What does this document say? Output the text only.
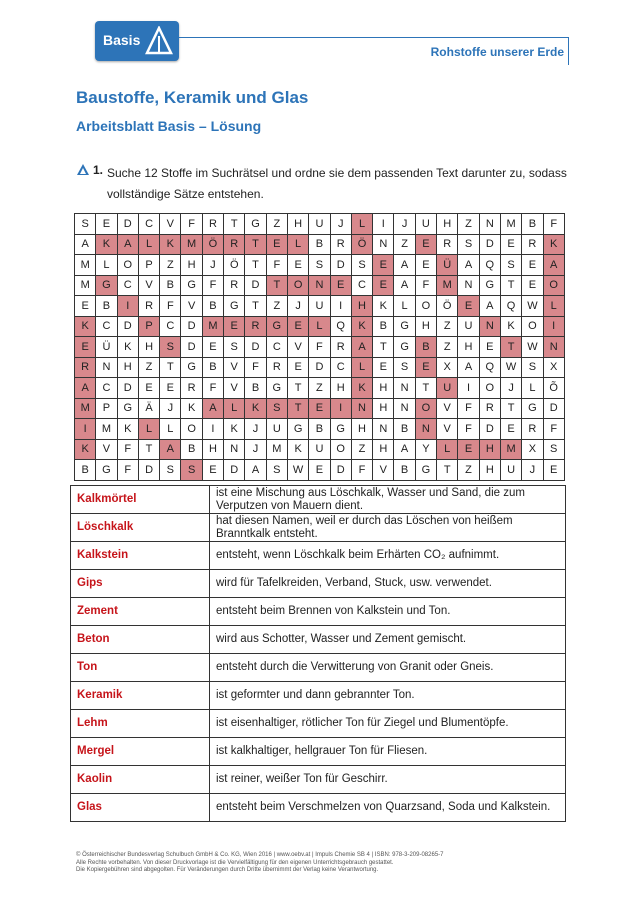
Basis
Rohstoffe unserer Erde
Baustoffe, Keramik und Glas
Arbeitsblatt Basis – Lösung
1. Suche 12 Stoffe im Suchrätsel und ordne sie dem passenden Text darunter zu, sodass vollständige Sätze entstehen.
S	E	D	C	V	F	R	T	G	Z	H	U	J	L	I	J	U	H	Z	N	M	B	F
A	K	A	L	K	M	Ö	R	T	E	L	B	R	Ö	N	Z	E	R	S	D	E	R	K
M	L	O	P	Z	H	J	Ö	T	F	E	S	D	S	E	A	E	Ü	A	Q	S	E	A
M	G	C	V	B	G	F	R	D	T	O	N	E	C	E	A	F	M	N	G	T	E	O
E	B	I	R	F	V	B	G	T	Z	J	U	I	H	K	L	O	Ö	E	A	Q	W	L
K	C	D	P	C	D	M	E	R	G	E	L	Q	K	B	G	H	Z	U	N	K	O	I
E	Ü	K	H	S	D	E	S	D	C	V	F	R	A	T	G	B	Z	H	E	T	W	N
R	N	H	Z	T	G	B	V	F	R	E	D	C	L	E	S	E	X	A	Q	W	S	X
A	C	D	E	E	R	F	V	B	G	T	Z	H	K	H	N	T	U	I	O	J	L	Õ
M	P	G	Ä	J	K	A	L	K	S	T	E	I	N	H	N	O	V	F	R	T	G	D
I	M	K	L	L	O	I	K	J	U	G	B	G	H	N	B	N	V	F	D	E	R	F
K	V	F	T	A	B	H	N	J	M	K	U	O	Z	H	A	Y	L	E	H	M	X	S
B	G	F	D	S	S	E	D	A	S	W	E	D	F	V	B	G	T	Z	H	U	J	E
Kalkmörtel	ist eine Mischung aus Löschkalk, Wasser und Sand, die zum Verputzen von Mauern dient.
Löschkalk	hat diesen Namen, weil er durch das Löschen von heißem Branntkalk entsteht.
Kalkstein	entsteht, wenn Löschkalk beim Erhärten CO₂ aufnimmt.
Gips	wird für Tafelkreiden, Verband, Stuck, usw. verwendet.
Zement	entsteht beim Brennen von Kalkstein und Ton.
Beton	wird aus Schotter, Wasser und Zement gemischt.
Ton	entsteht durch die Verwitterung von Granit oder Gneis.
Keramik	ist geformter und dann gebrannter Ton.
Lehm	ist eisenhaltiger, rötlicher Ton für Ziegel und Blumentöpfe.
Mergel	ist kalkhaltiger, hellgrauer Ton für Fliesen.
Kaolin	ist reiner, weißer Ton für Geschirr.
Glas	entsteht beim Verschmelzen von Quarzsand, Soda und Kalkstein.
© Österreichischer Bundesverlag Schulbuch GmbH & Co. KG, Wien 2016 | www.oebv.at | Impuls Chemie SB 4 | ISBN: 978-3-209-08265-7
Alle Rechte vorbehalten. Von dieser Druckvorlage ist die Vervielfältigung für den eigenen Unterrichtsgebrauch gestattet.
Die Kopiergebühren sind abgegolten. Für Veränderungen durch Dritte übernimmt der Verlag keine Verantwortung.
